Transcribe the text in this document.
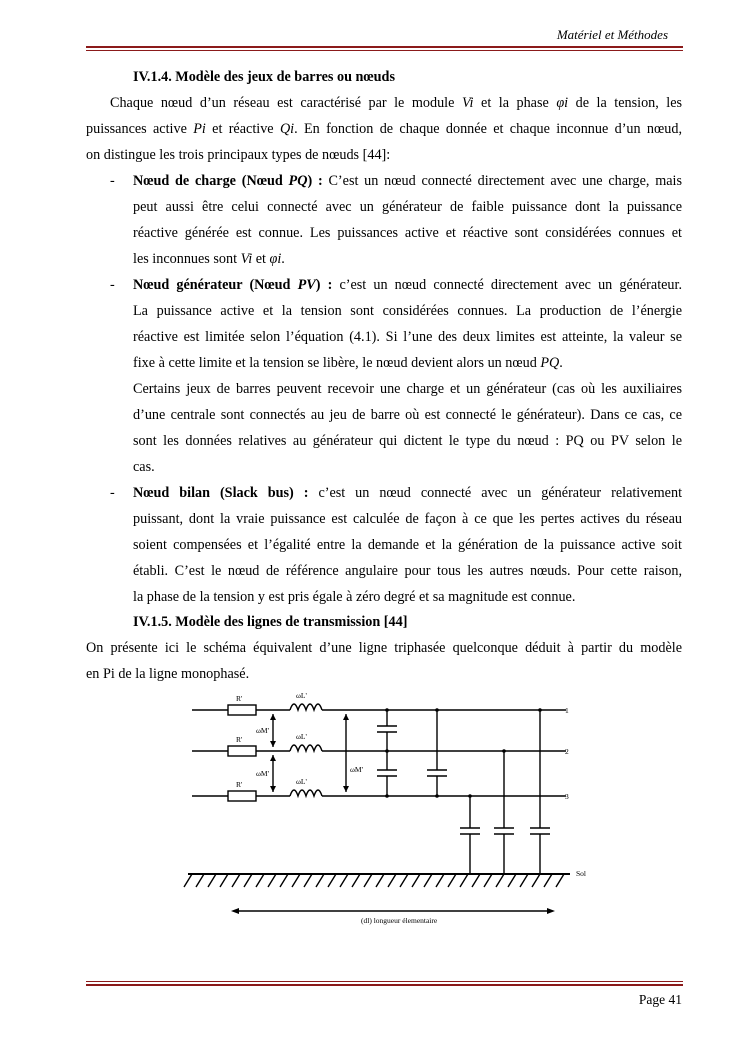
Matériel et Méthodes
IV.1.4. Modèle des jeux de barres ou nœuds
Chaque nœud d’un réseau est caractérisé par le module Vi et la phase φi de la tension, les
puissances active Pi et réactive Qi. En fonction de chaque donnée et chaque inconnue d’un nœud,
on distingue les trois principaux types de nœuds [44]:
- Nœud de charge (Nœud PQ) : C’est un nœud connecté directement avec une charge, mais
peut aussi être celui connecté avec un générateur de faible puissance dont la puissance
réactive générée est connue. Les puissances active et réactive sont considérées connues et
les inconnues sont Vi et φi.
- Nœud générateur (Nœud PV) : c’est un nœud connecté directement avec un générateur.
La puissance active et la tension sont considérées connues. La production de l’énergie
réactive est limitée selon l’équation (4.1). Si l’une des deux limites est atteinte, la valeur se
fixe à cette limite et la tension se libère, le nœud devient alors un nœud PQ.
Certains jeux de barres peuvent recevoir une charge et un générateur (cas où les auxiliaires
d’une centrale sont connectés au jeu de barre où est connecté le générateur). Dans ce cas, ce
sont les données relatives au générateur qui dictent le type du nœud : PQ ou PV selon le
cas.
- Nœud bilan (Slack bus) : c’est un nœud connecté avec un générateur relativement
puissant, dont la vraie puissance est calculée de façon à ce que les pertes actives du réseau
soient compensées et l’égalité entre la demande et la génération de la puissance active soit
établi. C’est le nœud de référence angulaire pour tous les autres nœuds. Pour cette raison,
la phase de la tension y est pris égale à zéro degré et sa magnitude est connue.
IV.1.5. Modèle des lignes de transmission [44]
On présente ici le schéma équivalent d’une ligne triphasée quelconque déduit à partir du modèle
en Pi de la ligne monophasé.
R'
R'
R'
ωL'
ωL'
ωL'
ωM'
ωM'	ωM'
1
2
3
Sol
(dl) longueur élementaire
Page 41
